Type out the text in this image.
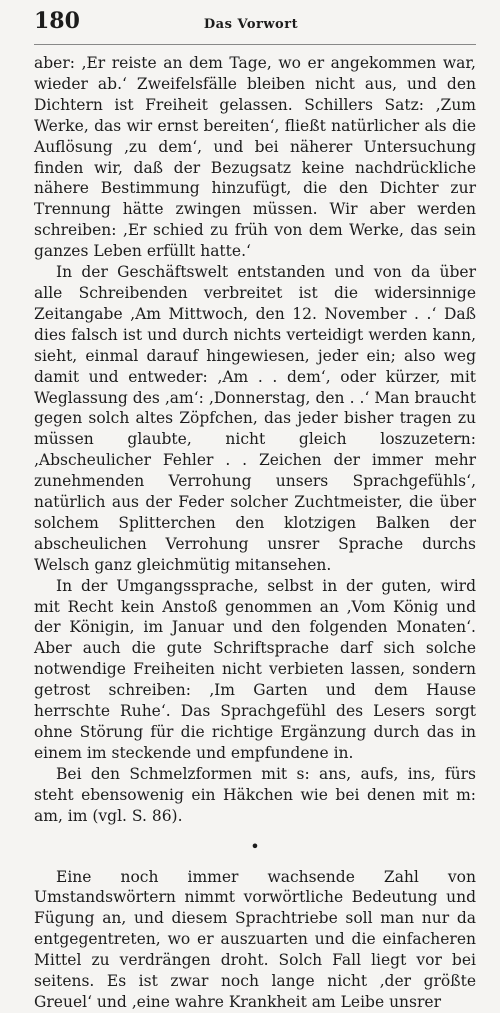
180	Das Vorwort

aber: ‚Er reiste an dem Tage, wo er angekommen war, wieder ab.‘ Zweifelsfälle bleiben nicht aus, und den Dichtern ist Freiheit gelassen. Schillers Satz: ‚Zum Werke, das wir ernst bereiten‘, fließt natürlicher als die Auflösung ‚zu dem‘, und bei näherer Untersuchung finden wir, daß der Bezugsatz keine nachdrückliche nähere Bestimmung hinzufügt, die den Dichter zur Trennung hätte zwingen müssen. Wir aber werden schreiben: ‚Er schied zu früh von dem Werke, das sein ganzes Leben erfüllt hatte.‘

In der Geschäftswelt entstanden und von da über alle Schreibenden verbreitet ist die widersinnige Zeitangabe ‚Am Mittwoch, den 12. November . .‘ Daß dies falsch ist und durch nichts verteidigt werden kann, sieht, einmal darauf hingewiesen, jeder ein; also weg damit und entweder: ‚Am . . dem‘, oder kürzer, mit Weglassung des ‚am‘: ‚Donnerstag, den . .‘ Man braucht gegen solch altes Zöpfchen, das jeder bisher tragen zu müssen glaubte, nicht gleich loszuzetern: ‚Abscheulicher Fehler . . Zeichen der immer mehr zunehmenden Verrohung unsers Sprachgefühls‘, natürlich aus der Feder solcher Zuchtmeister, die über solchem Splitterchen den klotzigen Balken der abscheulichen Verrohung unsrer Sprache durchs Welsch ganz gleichmütig mitansehen.

In der Umgangssprache, selbst in der guten, wird mit Recht kein Anstoß genommen an ‚Vom König und der Königin, im Januar und den folgenden Monaten‘. Aber auch die gute Schriftsprache darf sich solche notwendige Freiheiten nicht verbieten lassen, sondern getrost schreiben: ‚Im Garten und dem Hause herrschte Ruhe‘. Das Sprachgefühl des Lesers sorgt ohne Störung für die richtige Ergänzung durch das in einem im steckende und empfundene in.

Bei den Schmelzformen mit s: ans, aufs, ins, fürs steht ebensowenig ein Häkchen wie bei denen mit m: am, im (vgl. S. 86).

•

Eine noch immer wachsende Zahl von Umstandswörtern nimmt vorwörtliche Bedeutung und Fügung an, und diesem Sprachtriebe soll man nur da entgegentreten, wo er auszuarten und die einfacheren Mittel zu verdrängen droht. Solch Fall liegt vor bei seitens. Es ist zwar noch lange nicht ‚der größte Greuel‘ und ‚eine wahre Krankheit am Leibe unsrer
